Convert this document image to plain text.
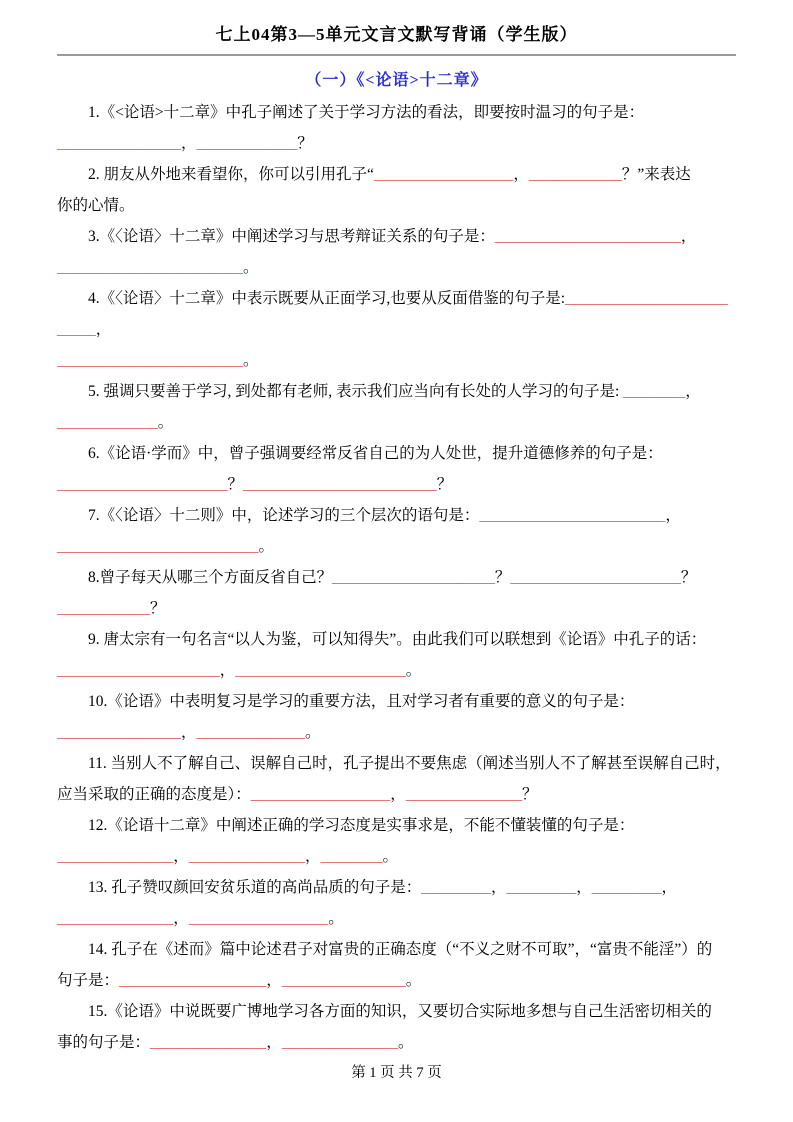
七上04第3—5单元文言文默写背诵（学生版）
（一）《<论语>十二章》
1.《<论语>十二章》中孔子阐述了关于学习方法的看法，即要按时温习的句子是：
________________，_____________？
2. 朋友从外地来看望你，你可以引用孔子“__________________，____________？”来表达
你的心情。
3.《〈论语〉十二章》中阐述学习与思考辩证关系的句子是：________________________，
________________________。
4.《〈论语〉十二章》中表示既要从正面学习,也要从反面借鉴的句子是:__________________________，
________________________。
5. 强调只要善于学习, 到处都有老师, 表示我们应当向有长处的人学习的句子是: ________，
_____________。
6.《论语·学而》中，曾子强调要经常反省自己的为人处世，提升道德修养的句子是：
______________________？_________________________？
7.《〈论语〉十二则》中，论述学习的三个层次的语句是：________________________，
__________________________。
8.曾子每天从哪三个方面反省自己？_____________________？______________________？
____________？
9. 唐太宗有一句名言“以人为鉴，可以知得失”。由此我们可以联想到《论语》中孔子的话：
_____________________，______________________。
10.《论语》中表明复习是学习的重要方法，且对学习者有重要的意义的句子是：
________________，______________。
11. 当别人不了解自己、误解自己时，孔子提出不要焦虑（阐述当别人不了解甚至误解自己时，
应当采取的正确的态度是）：__________________，_______________？
12.《论语十二章》中阐述正确的学习态度是实事求是，不能不懂装懂的句子是：
_______________，_______________，________。
13. 孔子赞叹颜回安贫乐道的高尚品质的句子是：_________，_________，_________，
_______________，__________________。
14. 孔子在《述而》篇中论述君子对富贵的正确态度（“不义之财不可取”，“富贵不能淫”）的
句子是：___________________，________________。
15.《论语》中说既要广博地学习各方面的知识，又要切合实际地多想与自己生活密切相关的
事的句子是：_______________，_______________。
第 1 页 共 7 页
